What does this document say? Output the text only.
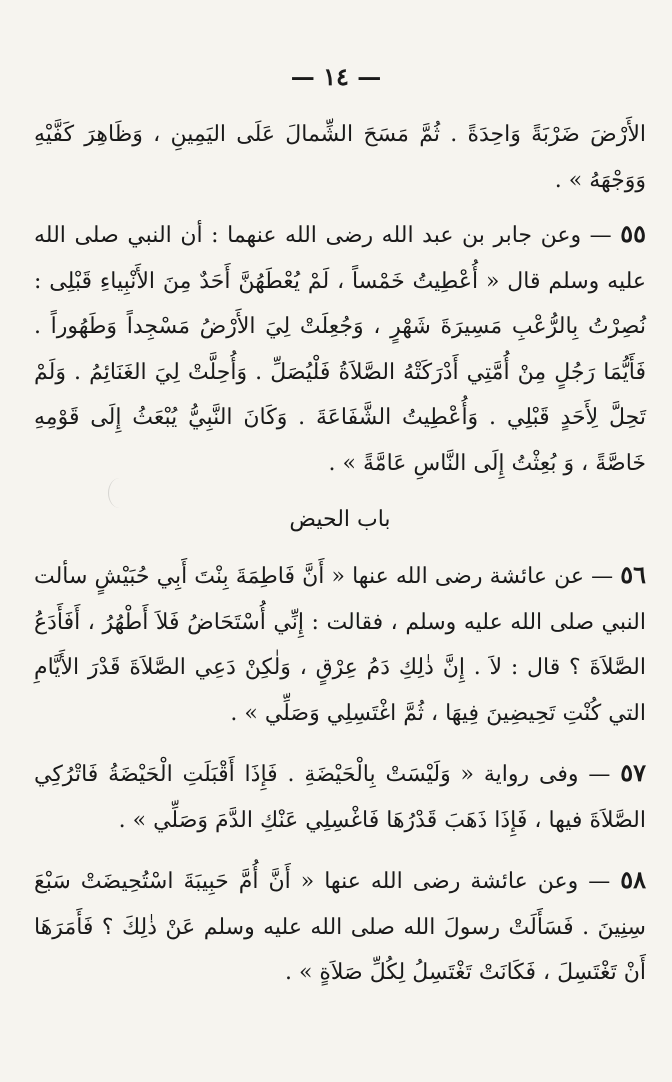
— ١٤ —

الأَرْضَ ضَرْبَةً وَاحِدَةً . ثُمَّ مَسَحَ الشِّمالَ عَلَى اليَمِينِ ، وَظَاهِرَ كَفَّيْهِ وَوَجْهَهُ » .

٥٥ — وعن جابر بن عبد الله رضى الله عنهما : أن النبي صلى الله عليه وسلم قال « أُعْطِيتُ خَمْساً ، لَمْ يُعْطَهُنَّ أَحَدٌ مِنَ الأَنْبِياءِ قَبْلِى : نُصِرْتُ بِالرُّعْبِ مَسِيرَةَ شَهْرٍ ، وَجُعِلَتْ لِيَ الأَرْضُ مَسْجِداً وَطَهُوراً . فَأَيُّمَا رَجُلٍ مِنْ أُمَّتِي أَدْرَكَتْهُ الصَّلاَةُ فَلْيُصَلِّ . وَأُحِلَّتْ لِيَ الغَنَائِمُ . وَلَمْ تَحِلَّ لِأَحَدٍ قَبْلِي . وَأُعْطِيتُ الشَّفَاعَةَ . وَكَانَ النَّبِيُّ يُبْعَثُ إِلَى قَوْمِهِ خَاصَّةً ، وَ بُعِثْتُ إِلَى النَّاسِ عَامَّةً » .

باب الحيض

٥٦ — عن عائشة رضى الله عنها « أَنَّ فَاطِمَةَ بِنْتَ أَبِي حُبَيْشٍ سألت النبي صلى الله عليه وسلم ، فقالت : إِنِّي أُسْتَحَاضُ فَلاَ أَطْهُرُ ، أَفَأَدَعُ الصَّلاَةَ ؟ قال : لاَ . إِنَّ ذٰلِكِ دَمُ عِرْقٍ ، وَلٰكِنْ دَعِي الصَّلاَةَ قَدْرَ الأَيَّامِ التي كُنْتِ تَحِيضِينَ فِيهَا ، ثُمَّ اغْتَسِلِي وَصَلِّي » .

٥٧ — وفى رواية « وَلَيْسَتْ بِالْحَيْضَةِ . فَإِذَا أَقْبَلَتِ الْحَيْضَةُ فَاتْرُكِي الصَّلاَةَ فيها ، فَإِذَا ذَهَبَ قَدْرُهَا فَاغْسِلِي عَنْكِ الدَّمَ وَصَلِّي » .

٥٨ — وعن عائشة رضى الله عنها « أَنَّ أُمَّ حَبِيبَةَ اسْتُحِيضَتْ سَبْعَ سِنِينَ . فَسَأَلَتْ رسولَ الله صلى الله عليه وسلم عَنْ ذٰلِكَ ؟ فَأَمَرَهَا أَنْ تَغْتَسِلَ ، فَكَانَتْ تَغْتَسِلُ لِكُلِّ صَلاَةٍ » .
